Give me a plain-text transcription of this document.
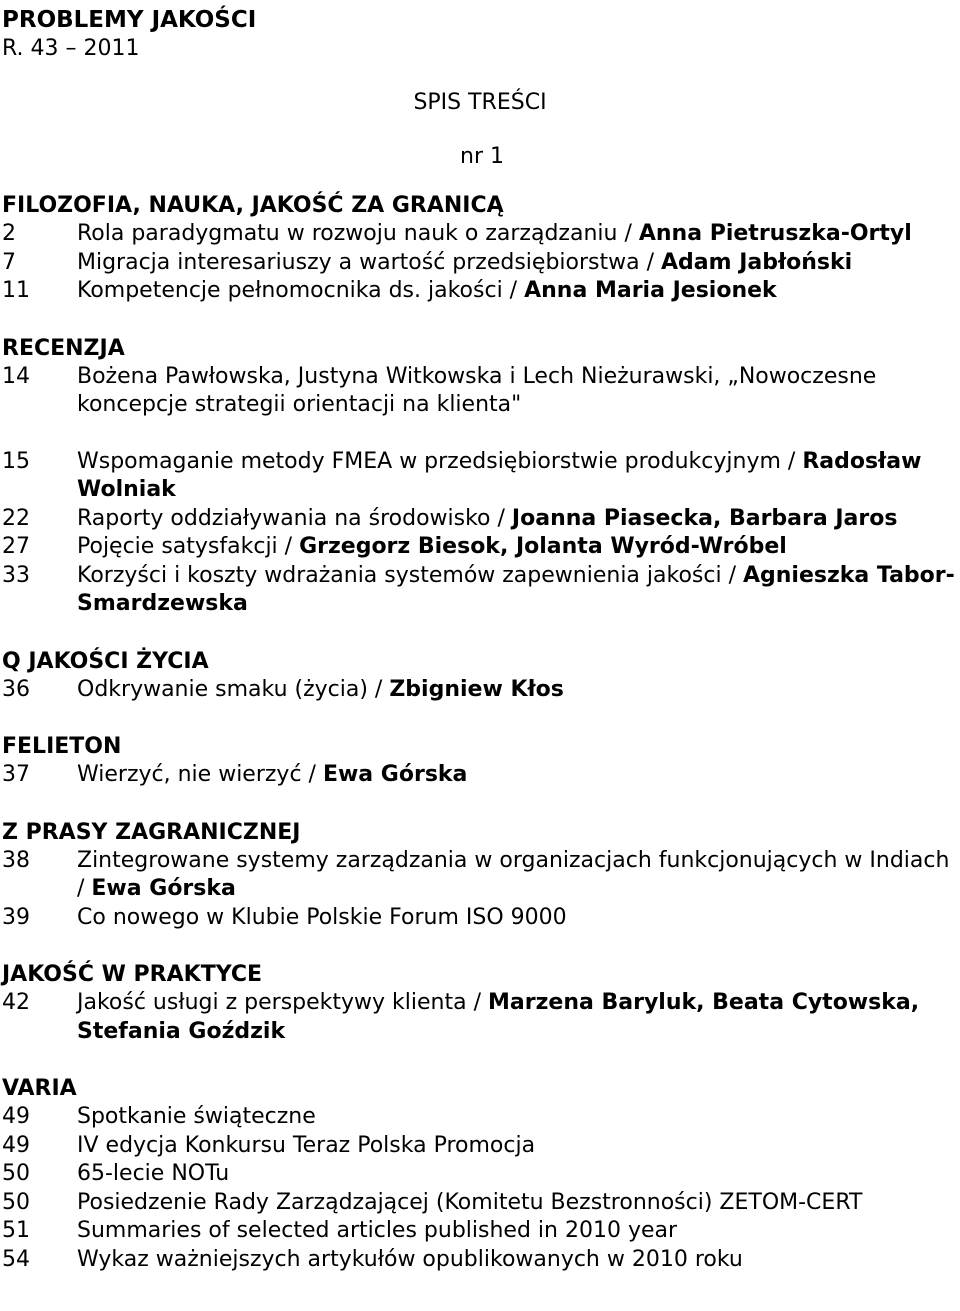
PROBLEMY JAKOŚCI

R. 43 – 2011

SPIS TREŚCI

nr 1

FILOZOFIA, NAUKA, JAKOŚĆ ZA GRANICĄ

2	Rola paradygmatu w rozwoju nauk o zarządzaniu / Anna Pietruszka-Ortyl
7	Migracja interesariuszy a wartość przedsiębiorstwa / Adam Jabłoński
11	Kompetencje pełnomocnika ds. jakości / Anna Maria Jesionek

RECENZJA

14	Bożena Pawłowska, Justyna Witkowska i Lech Nieżurawski, „Nowoczesne koncepcje strategii orientacji na klienta"
15	Wspomaganie metody FMEA w przedsiębiorstwie produkcyjnym / Radosław Wolniak
22	Raporty oddziaływania na środowisko / Joanna Piasecka, Barbara Jaros
27	Pojęcie satysfakcji / Grzegorz Biesok, Jolanta Wyród-Wróbel
33	Korzyści i koszty wdrażania systemów zapewnienia jakości / Agnieszka Tabor-Smardzewska

Q JAKOŚCI ŻYCIA

36	Odkrywanie smaku (życia) / Zbigniew Kłos

FELIETON

37	Wierzyć, nie wierzyć / Ewa Górska

Z PRASY ZAGRANICZNEJ

38	Zintegrowane systemy zarządzania w organizacjach funkcjonujących w Indiach / Ewa Górska
39	Co nowego w Klubie Polskie Forum ISO 9000

JAKOŚĆ W PRAKTYCE

42	Jakość usługi z perspektywy klienta / Marzena Baryluk, Beata Cytowska, Stefania Goździk

VARIA

49	Spotkanie świąteczne
49	IV edycja Konkursu Teraz Polska Promocja
50	65-lecie NOTu
50	Posiedzenie Rady Zarządzającej (Komitetu Bezstronności) ZETOM-CERT
51	Summaries of selected articles published in 2010 year
54	Wykaz ważniejszych artykułów opublikowanych w 2010 roku
